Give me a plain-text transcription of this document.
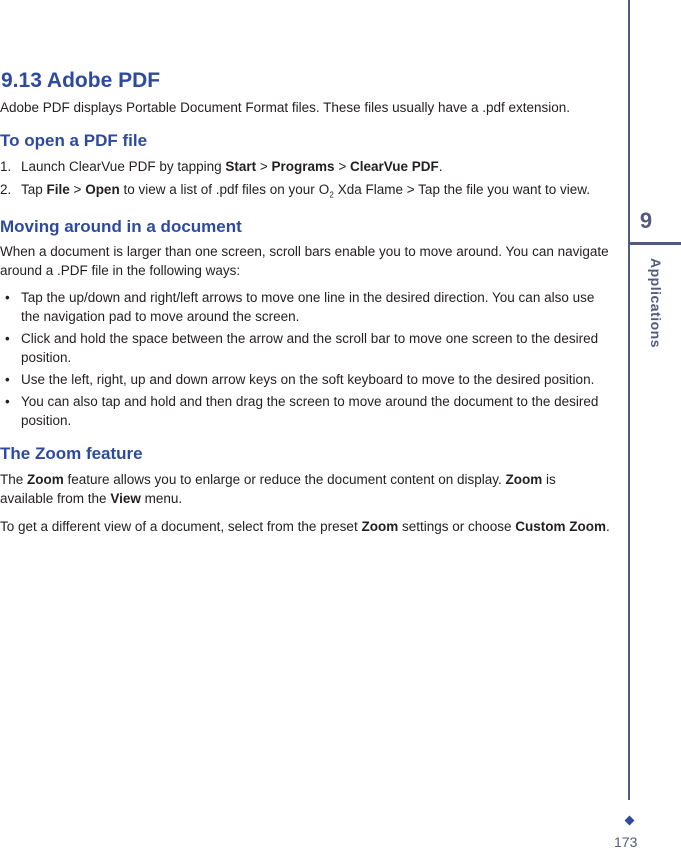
9.13 Adobe PDF

Adobe PDF displays Portable Document Format files. These files usually have a .pdf extension.

To open a PDF file
1. Launch ClearVue PDF by tapping Start > Programs > ClearVue PDF.
2. Tap File > Open to view a list of .pdf files on your $O_2$ Xda Flame > Tap the file you want to view.
Moving around in a document

When a document is larger than one screen, scroll bars enable you to move around. You can navigate around a .PDF file in the following ways:

• Tap the up/down and right/left arrows to move one line in the desired direction. You can also use the navigation pad to move around the screen.
• Click and hold the space between the arrow and the scroll bar to move one screen to the desired position.
• Use the left, right, up and down arrow keys on the soft keyboard to move to the desired position.
• You can also tap and hold and then drag the screen to move around the document to the desired position.
The Zoom feature

The Zoom feature allows you to enlarge or reduce the document content on display. Zoom is available from the View menu.

To get a different view of a document, select from the preset Zoom settings or choose Custom Zoom.

9
Applications
173
